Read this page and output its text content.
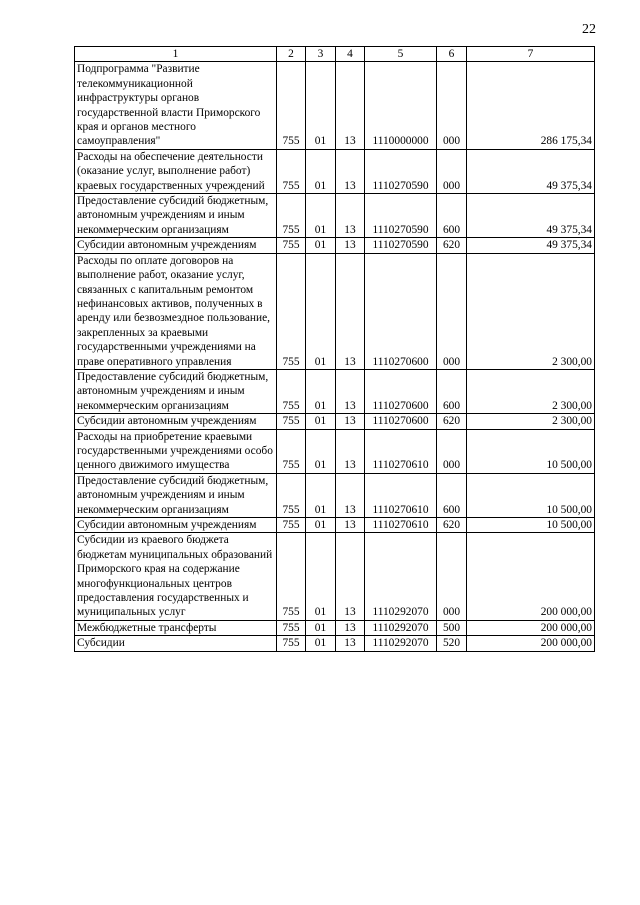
22
1	2	3	4	5	6	7
Подпрограмма "Развитие телекоммуникационной инфраструктуры органов государственной власти Приморского края и органов местного самоуправления"	755	01	13	1110000000	000	286 175,34
Расходы на обеспечение деятельности (оказание услуг, выполнение работ) краевых государственных учреждений	755	01	13	1110270590	000	49 375,34
Предоставление субсидий бюджетным, автономным учреждениям и иным некоммерческим организациям	755	01	13	1110270590	600	49 375,34
Субсидии автономным учреждениям	755	01	13	1110270590	620	49 375,34
Расходы по оплате договоров на выполнение работ, оказание услуг, связанных с капитальным ремонтом нефинансовых активов, полученных в аренду или безвозмездное пользование, закрепленных за краевыми государственными учреждениями на праве оперативного управления	755	01	13	1110270600	000	2 300,00
Предоставление субсидий бюджетным, автономным учреждениям и иным некоммерческим организациям	755	01	13	1110270600	600	2 300,00
Субсидии автономным учреждениям	755	01	13	1110270600	620	2 300,00
Расходы на приобретение краевыми государственными учреждениями особо ценного движимого имущества	755	01	13	1110270610	000	10 500,00
Предоставление субсидий бюджетным, автономным учреждениям и иным некоммерческим организациям	755	01	13	1110270610	600	10 500,00
Субсидии автономным учреждениям	755	01	13	1110270610	620	10 500,00
Субсидии из краевого бюджета бюджетам муниципальных образований Приморского края на содержание многофункциональных центров предоставления государственных и муниципальных услуг	755	01	13	1110292070	000	200 000,00
Межбюджетные трансферты	755	01	13	1110292070	500	200 000,00
Субсидии	755	01	13	1110292070	520	200 000,00
